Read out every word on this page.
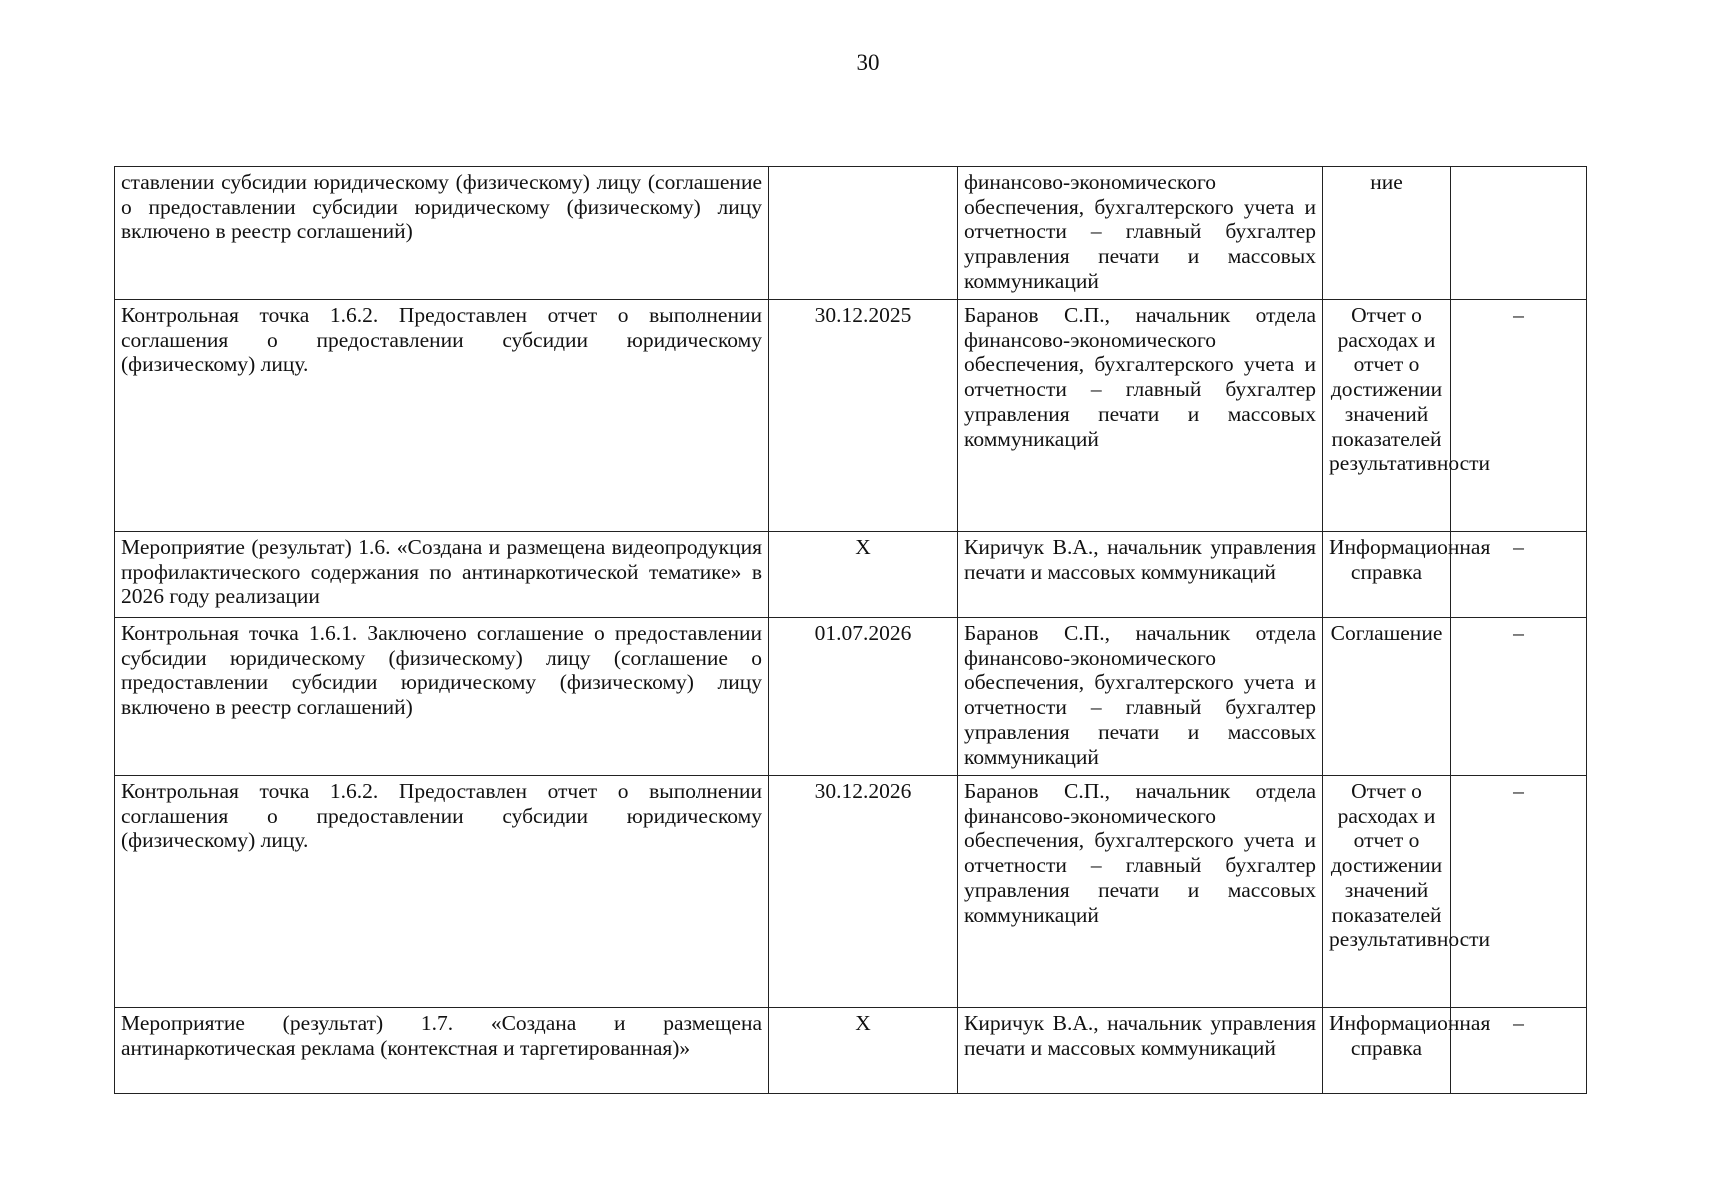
30
ставлении субсидии юридическому (физическому) лицу (соглашение о предоставлении субсидии юридическому (физическому) лицу включено в реестр соглашений)		финансово-экономического обеспечения, бухгалтерского учета и отчетности – главный бухгалтер управления печати и массовых коммуникаций	ние	
Контрольная точка 1.6.2. Предоставлен отчет о выполнении соглашения о предоставлении субсидии юридическому (физическому) лицу.	30.12.2025	Баранов С.П., начальник отдела финансово-экономического обеспечения, бухгалтерского учета и отчетности – главный бухгалтер управления печати и массовых коммуникаций	Отчет о расходах и отчет о достижении значений показателей результативности	–
Мероприятие (результат) 1.6. «Создана и размещена видеопродукция профилактического содержания по антинаркотической тематике» в 2026 году реализации	X	Киричук В.А., начальник управления печати и массовых коммуникаций	Информационная справка	–
Контрольная точка 1.6.1. Заключено соглашение о предоставлении субсидии юридическому (физическому) лицу (соглашение о предоставлении субсидии юридическому (физическому) лицу включено в реестр соглашений)	01.07.2026	Баранов С.П., начальник отдела финансово-экономического обеспечения, бухгалтерского учета и отчетности – главный бухгалтер управления печати и массовых коммуникаций	Соглашение	–
Контрольная точка 1.6.2. Предоставлен отчет о выполнении соглашения о предоставлении субсидии юридическому (физическому) лицу.	30.12.2026	Баранов С.П., начальник отдела финансово-экономического обеспечения, бухгалтерского учета и отчетности – главный бухгалтер управления печати и массовых коммуникаций	Отчет о расходах и отчет о достижении значений показателей результативности	–
Мероприятие (результат) 1.7. «Создана и размещена антинаркотическая реклама (контекстная и таргетированная)»	X	Киричук В.А., начальник управления печати и массовых коммуникаций	Информационная справка	–
